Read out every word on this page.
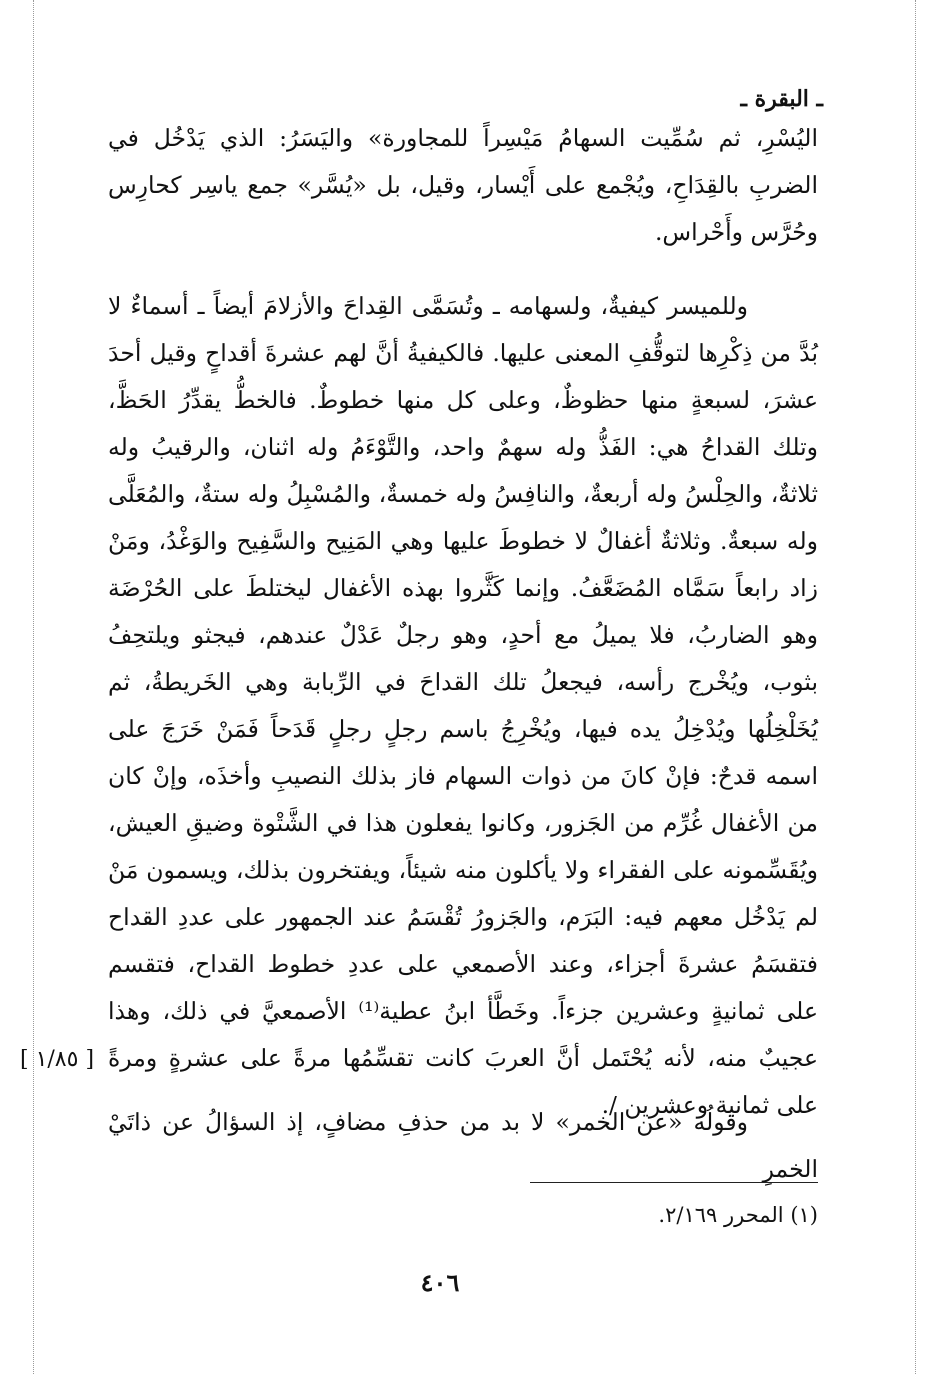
ـ البقرة ـ
اليُسْرِ، ثم سُمِّيت السهامُ مَيْسِراً للمجاورة» واليَسَرُ: الذي يَدْخُل في الضربِ بالقِدَاحِ، ويُجْمع على أَيْسار، وقيل، بل «يُسَّر» جمع ياسِر كحارِس وحُرَّس وأَحْراس.
وللميسر كيفيةٌ، ولسهامه ـ وتُسَمَّى القِداحَ والأزلامَ أيضاً ـ أسماءٌ لا بُدَّ من ذِكْرِها لتوقُّفِ المعنى عليها. فالكيفيةُ أنَّ لهم عشرةَ أقداحٍ وقيل أحدَ عشرَ، لسبعةٍ منها حظوظٌ، وعلى كل منها خطوطٌ. فالخطُّ يقدِّرُ الحَظَّ، وتلك القداحُ هي: الفَذُّ وله سهمٌ واحد، والتَّوْءَمُ وله اثنان، والرقيبُ وله ثلاثةٌ، والحِلْسُ وله أربعةٌ، والنافِسُ وله خمسةٌ، والمُسْبِلُ وله ستةٌ، والمُعَلَّى وله سبعةٌ. وثلاثةٌ أغفالٌ لا خطوطَ عليها وهي المَنِيح والسَّفِيح والوَغْدُ، ومَنْ زاد رابعاً سَمَّاه المُضَعَّفُ. وإنما كَثَّروا بهذه الأغفال ليختلطَ على الحُرْضَة وهو الضاربُ، فلا يميلُ مع أحدٍ، وهو رجلٌ عَدْلٌ عندهم، فيجثو ويلتحِفُ بثوب، ويُخْرج رأسه، فيجعلُ تلك القداحَ في الرِّبابة وهي الخَريطةُ، ثم يُخَلْخِلُها ويُدْخِلُ يده فيها، ويُخْرِجُ باسم رجلٍ رجلٍ قَدَحاً فَمَنْ خَرَجَ على اسمه قدحٌ: فإنْ كانَ من ذوات السهام فاز بذلك النصيبِ وأخذَه، وإنْ كان من الأغفال غُرِّم من الجَزور، وكانوا يفعلون هذا في الشَّتْوة وضيقِ العيش، ويُقَسِّمونه على الفقراء ولا يأكلون منه شيئاً، ويفتخرون بذلك، ويسمون مَنْ لم يَدْخُل معهم فيه: البَرَم، والجَزورُ تُقْسَمُ عند الجمهور على عددِ القداح فتقسَمُ عشرةَ أجزاء، وعند الأصمعي على عددِ خطوط القداح، فتقسم على ثمانيةٍ وعشرين جزءاً. وخَطَّأ ابنُ عطية⁽¹⁾ الأصمعيَّ في ذلك، وهذا عجيبٌ منه، لأنه يُحْتَمل أنَّ العربَ كانت تقسِّمُها مرةً على عشرةٍ ومرةً على ثمانية وعشرين /.
وقولُه «عن الخمر» لا بد من حذفِ مضافٍ، إذ السؤالُ عن ذاتَيْ الخمرِ
[ ١/٨٥ ]
(١) المحرر ٢/١٦٩.
٤٠٦
